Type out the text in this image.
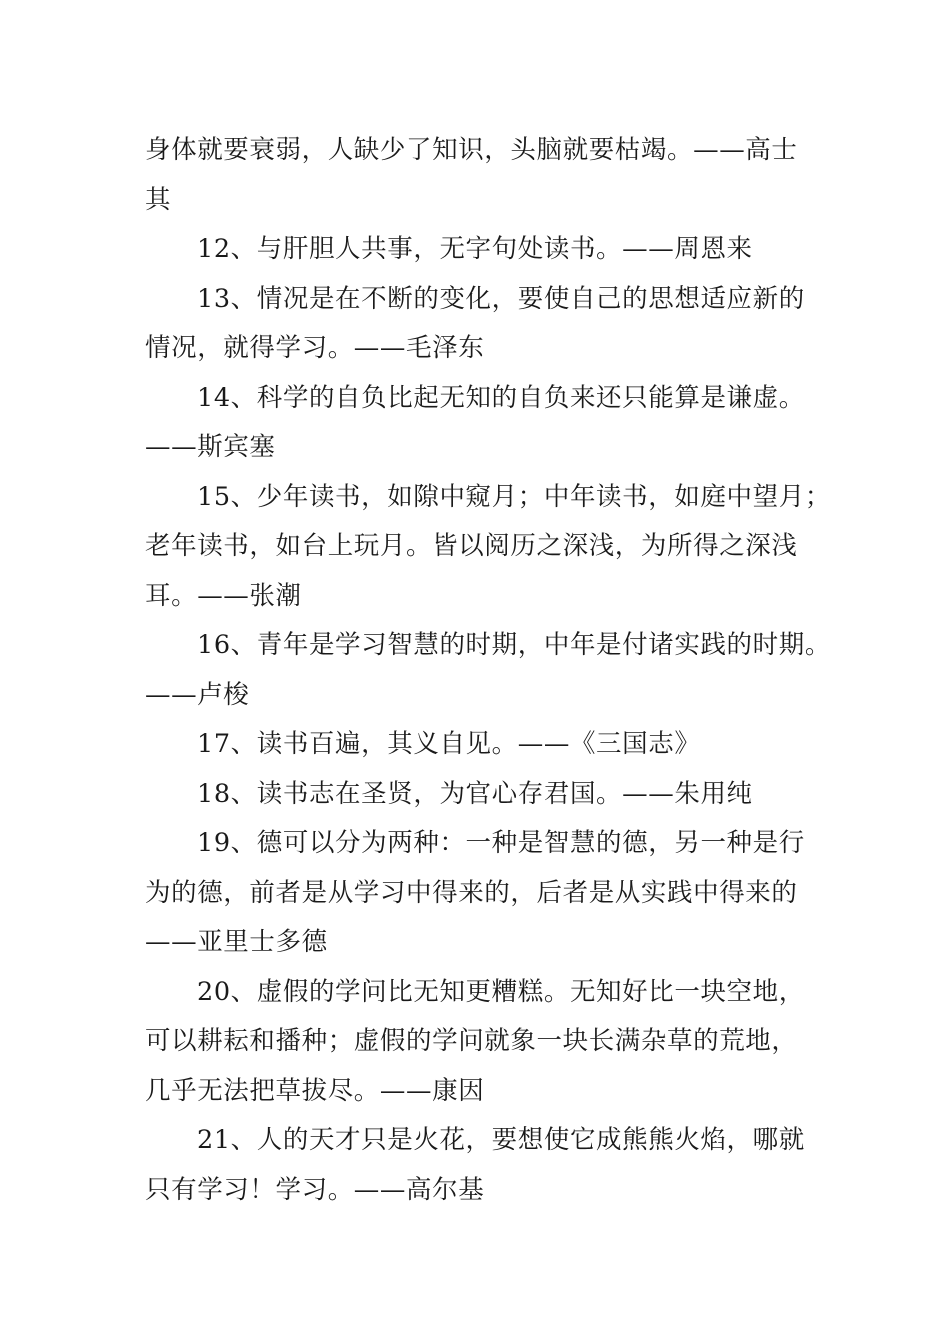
身体就要衰弱，人缺少了知识，头脑就要枯竭。——高士
其

12、与肝胆人共事，无字句处读书。——周恩来

13、情况是在不断的变化，要使自己的思想适应新的
情况，就得学习。——毛泽东

14、科学的自负比起无知的自负来还只能算是谦虚。
——斯宾塞

15、少年读书，如隙中窥月；中年读书，如庭中望月；
老年读书，如台上玩月。皆以阅历之深浅，为所得之深浅
耳。——张潮

16、青年是学习智慧的时期，中年是付诸实践的时期。
——卢梭

17、读书百遍，其义自见。——《三国志》

18、读书志在圣贤，为官心存君国。——朱用纯

19、德可以分为两种：一种是智慧的德，另一种是行
为的德，前者是从学习中得来的，后者是从实践中得来的
——亚里士多德

20、虚假的学问比无知更糟糕。无知好比一块空地，
可以耕耘和播种；虚假的学问就象一块长满杂草的荒地，
几乎无法把草拔尽。——康因

21、人的天才只是火花，要想使它成熊熊火焰，哪就
只有学习！学习。——高尔基
